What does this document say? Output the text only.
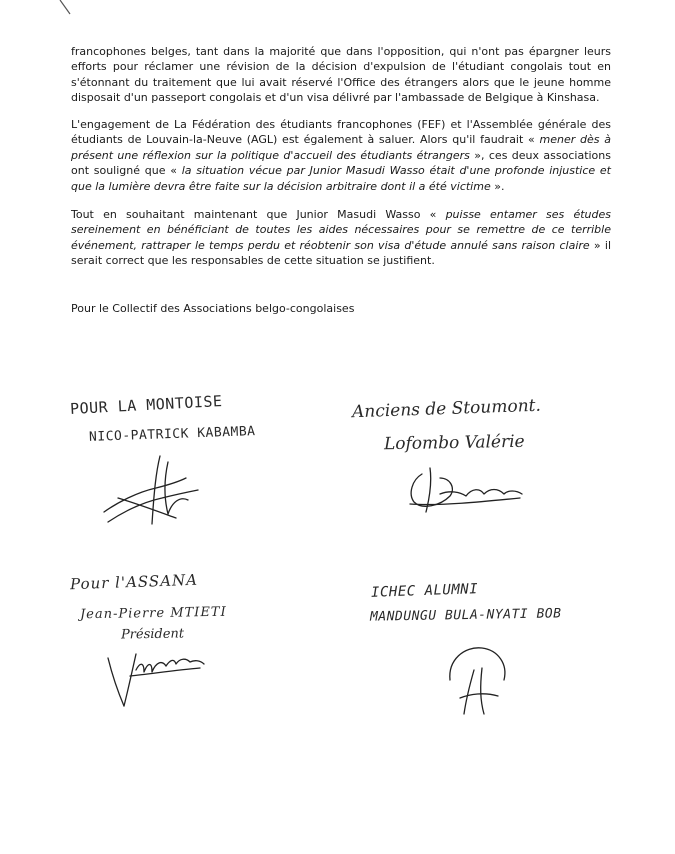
francophones belges, tant dans la majorité que dans l'opposition, qui n'ont pas épargner leurs efforts pour réclamer une révision de la décision d'expulsion de l'étudiant congolais tout en s'étonnant du traitement que lui avait réservé l'Office des étrangers alors que le jeune homme disposait d'un passeport congolais et d'un visa délivré par l'ambassade de Belgique à Kinshasa.
L'engagement de La Fédération des étudiants francophones (FEF) et l'Assemblée générale des étudiants de Louvain-la-Neuve (AGL) est également à saluer. Alors qu'il faudrait « mener dès à présent une réflexion sur la politique d'accueil des étudiants étrangers », ces deux associations ont souligné que « la situation vécue par Junior Masudi Wasso était d'une profonde injustice et que la lumière devra être faite sur la décision arbitraire dont il a été victime ».
Tout en souhaitant maintenant que Junior Masudi Wasso « puisse entamer ses études sereinement en bénéficiant de toutes les aides nécessaires pour se remettre de ce terrible événement, rattraper le temps perdu et réobtenir son visa d'étude annulé sans raison claire » il serait correct que les responsables de cette situation se justifient.
Pour le Collectif des Associations belgo-congolaises
POUR LA MONTOISE
NICO-PATRICK KABAMBA
Anciens de Stoumont.
Lofombo Valérie
Pour l'ASSANA
Jean-Pierre MTIETI
Président
ICHEC ALUMNI
MANDUNGU BULA-NYATI BOB
